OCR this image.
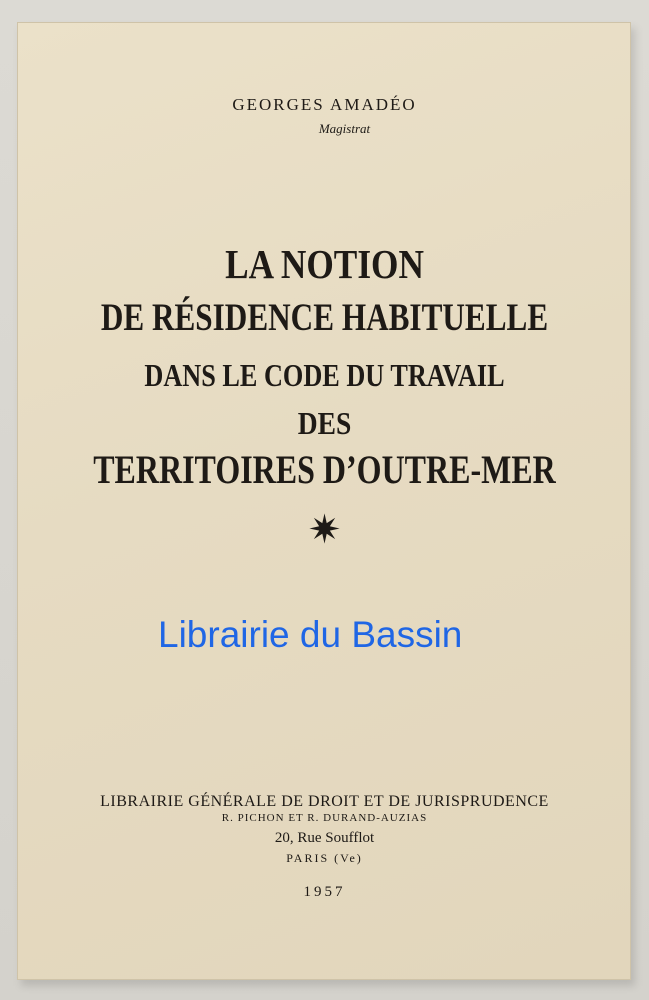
GEORGES AMADÉO
Magistrat
LA NOTION
DE RÉSIDENCE HABITUELLE
DANS LE CODE DU TRAVAIL
DES
TERRITOIRES D’OUTRE-MER
✷
Librairie du Bassin
LIBRAIRIE GÉNÉRALE DE DROIT ET DE JURISPRUDENCE
R. PICHON ET R. DURAND-AUZIAS
20, Rue Soufflot
PARIS (Ve)
1957
